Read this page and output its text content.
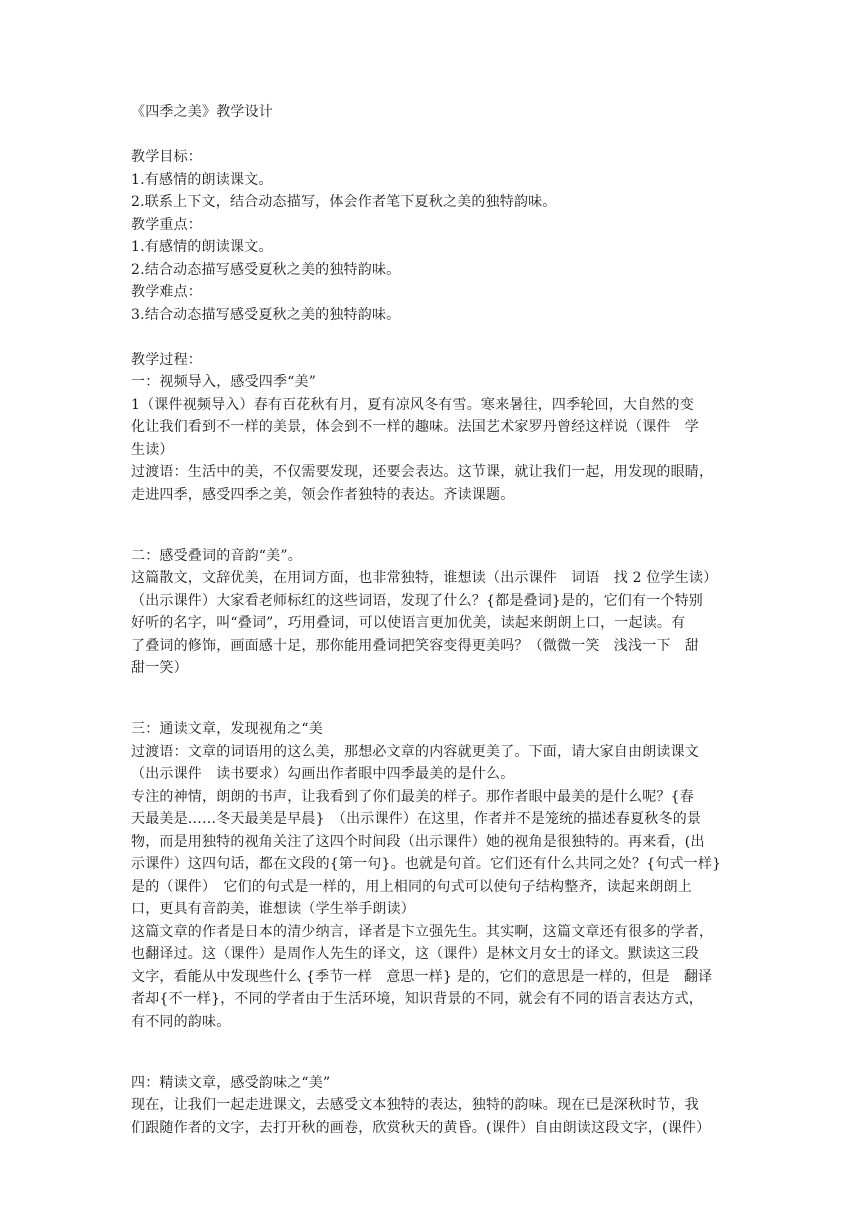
《四季之美》教学设计
教学目标：
1.有感情的朗读课文。
2.联系上下文，结合动态描写，体会作者笔下夏秋之美的独特韵味。
教学重点：
1.有感情的朗读课文。
2.结合动态描写感受夏秋之美的独特韵味。
教学难点：
3.结合动态描写感受夏秋之美的独特韵味。
教学过程：
一：视频导入，感受四季“美”
1（课件视频导入）春有百花秋有月，夏有凉风冬有雪。寒来暑往，四季轮回，大自然的变
化让我们看到不一样的美景，体会到不一样的趣味。法国艺术家罗丹曾经这样说（课件　学
生读）
过渡语：生活中的美，不仅需要发现，还要会表达。这节课，就让我们一起，用发现的眼睛，
走进四季，感受四季之美，领会作者独特的表达。齐读课题。
二：感受叠词的音韵“美”。
这篇散文，文辞优美，在用词方面，也非常独特，谁想读（出示课件　词语　找 2 位学生读）
（出示课件）大家看老师标红的这些词语，发现了什么？{都是叠词}是的，它们有一个特别
好听的名字，叫“叠词”，巧用叠词，可以使语言更加优美，读起来朗朗上口，一起读。有
了叠词的修饰，画面感十足，那你能用叠词把笑容变得更美吗？（微微一笑　浅浅一下　甜
甜一笑）
三：通读文章，发现视角之“美
过渡语：文章的词语用的这么美，那想必文章的内容就更美了。下面，请大家自由朗读课文
（出示课件　读书要求）勾画出作者眼中四季最美的是什么。
专注的神情，朗朗的书声，让我看到了你们最美的样子。那作者眼中最美的是什么呢？{春
天最美是……冬天最美是早晨}　（出示课件）在这里，作者并不是笼统的描述春夏秋冬的景
物，而是用独特的视角关注了这四个时间段（出示课件）她的视角是很独特的。再来看，(出
示课件）这四句话，都在文段的{第一句}。也就是句首。它们还有什么共同之处？{句式一样}
是的（课件）　它们的句式是一样的，用上相同的句式可以使句子结构整齐，读起来朗朗上
口，更具有音韵美，谁想读（学生举手朗读）
这篇文章的作者是日本的清少纳言，译者是卞立强先生。其实啊，这篇文章还有很多的学者，
也翻译过。这（课件）是周作人先生的译文，这（课件）是林文月女士的译文。默读这三段
文字，看能从中发现些什么 {季节一样　意思一样} 是的，它们的意思是一样的，但是　翻译
者却{不一样}，不同的学者由于生活环境，知识背景的不同，就会有不同的语言表达方式，
有不同的韵味。
四：精读文章，感受韵味之“美”
现在，让我们一起走进课文，去感受文本独特的表达，独特的韵味。现在已是深秋时节，我
们跟随作者的文字，去打开秋的画卷，欣赏秋天的黄昏。(课件）自由朗读这段文字，(课件）
